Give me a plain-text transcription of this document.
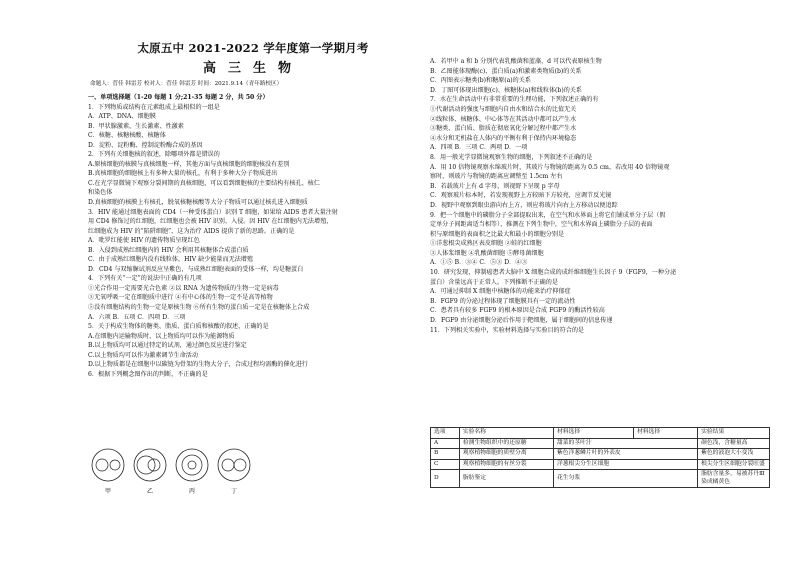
太原五中 2021-2022 学年度第一学期月考
高三生物
命题人：菅佳 韩雷芳 校对人：菅佳 韩雷芳 时间：2021.9.14（青年路校区）
一、单项选择题（1-20 每题 1 分;21-35 每题 2 分，共 50 分）
1．下列物质或结构在元素组成上最相似的一组是
A．ATP、DNA、细胞膜
B．甲状腺激素、生长激素、性激素
C．核糖、核糖核酸、核糖体
D．淀粉、淀粉酶、控制淀粉酶合成的基因
2．下列有关细胞核的叙述，除哪项外都是错误的
A.原核细胞的核膜与真核细胞一样，其他方面与真核细胞的细胞核没有差别
B.真核细胞的细胞核上有多种大量的核孔，有利于多种大分子物质进出
C.在光学显微镜下观察分裂间期的真核细胞，可以看到细胞核的主要结构有核孔、核仁
和染色体
D.真核细胞的核膜上有核孔，脱氧核糖核酸等大分子物质可以通过核孔进入细胞质
3．HIV 能通过细胞表面的 CD4（一种受体蛋白）识别 T 细胞，如果给 AIDS 患者大量注射
用 CD4 修饰过的红细胞，红细胞也会被 HIV 识别、入侵。因 HIV 在红细胞内无法增殖，
红细胞成为 HIV 的“陷阱细胞”，这为治疗 AIDS 提供了新的思路。正确的是
A．吡罗红能使 HIV 的遗传物质呈现红色
B．入侵到成熟红细胞内的 HIV 会利用其核糖体合成蛋白质
C．由于成熟红细胞内没有线粒体，HIV 缺少能量而无法增殖
D．CD4 与双缩脲试剂反应呈紫色，与成熟红细胞表面的受体一样，均是糖蛋白
4．下列有关“一定”的说法中正确的有几项
①光合作用一定需要光合色素 ②以 RNA 为遗传物质的生物一定是病毒
③无氧呼吸一定在细胞质中进行 ④有中心体的生物一定不是高等植物
⑤没有细胞结构的生物一定是原核生物 ⑥所有生物的蛋白质一定是在核糖体上合成
A．六项 B．五项 C．四项 D．三项
5．关于构成生物体的糖类、脂质、蛋白质和核酸的叙述，正确的是
A.在细胞内运输物质时，以上物质均可以作为能源物质
B.以上物质均可以通过特定的试剂，通过颜色反应进行鉴定
C.以上物质均可以作为激素调节生命活动
D.以上物质都是在细胞中以碳链为骨架的生物大分子，合成过程均需酶的催化进行
6．根据下列概念图作出的判断，不正确的是
甲	乙	丙	丁
A．若甲中 a 和 b 分别代表乳酸菌和蓝藻，d 可以代表原核生物
B．乙图能体现酶(c)、蛋白质(a)和激素类物质(b)的关系
C．丙图表示糖类(b)和糖原(a)的关系
D．丁图可体现出细胞(c)、核糖体(a)和线粒体(b)的关系
7．水在生命活动中有非常重要的生理功能，下列叙述正确的有
①代谢活动的强度与细胞内自由水和结合水的比值无关
②线粒体、核糖体、中心体等在其活动中都可以产生水
③糖类、蛋白质、脂质在彻底氧化分解过程中都产生水
④水分和无机盐在人体内的平衡有利于保持内环境稳态
A．四项 B．三项 C．两项 D．一项
8．用一般光学显微镜观察生物的细胞，下列叙述不正确的是
A．用 10 倍物镜观察水绵玻片时，其玻片与物镜的距离为 0.5 cm，若改用 40 倍物镜观
察时，则玻片与物镜的距离应调整至 1.5cm 左右
B．若载玻片上有 d 字母，则视野下呈现 p 字母
C．观察玻片标本时，若发现视野上方较暗下方较亮，应调节反光镜
D．视野中观察到眼虫游向右上方，则应将玻片向右上方移动以便追踪
9．把一个细胞中的磷脂分子全部提取出来，在空气和水界面上将它们铺成单分子层（假
定单分子间距离适当相等），推测在下列生物中，空气和水界面上磷脂分子层的表面
积与原细胞的表面积之比最大和最小的细胞分别是
①洋葱根尖成熟区表皮细胞 ②蛙的红细胞
③人体浆细胞 ④乳酸菌细胞 ⑤酵母菌细胞
A．①⑤ B．③④ C．⑤③ D．④③
10．研究发现，抑制癌患者大脑中 X 细胞合成的成纤维细胞生长因子 9（FGF9，一种分泌
蛋白）含量远高于正常人。下列推断不正确的是
A．可通过抑制 X 细胞中核糖体的功能来治疗抑郁症
B．FGF9 的分泌过程体现了细胞膜具有一定的流动性
C．患者具有较多 FGF9 的根本原因是合成 FGF9 的酶活性较高
D．FGF9 由分泌细胞分泌后作用于靶细胞，属于细胞间的信息传递
11．下列相关实验中，实验材料选择与实验目的符合的是
选项	实验名称	材料选择	材料选择	实验结果
A	检测生物组织中的还原糖	甜菜的茎叶汁		颜色浅，含糖量高
B	观察植物细胞的质壁分离	紫色洋葱鳞片叶的外表皮		紫色的液泡大小变浅
C	观察植物细胞的有丝分裂	洋葱根尖分生区细胞		根尖分生区细胞分裂旺盛
D	脂肪鉴定	花生匀浆		脂肪含量多，易被苏丹Ⅲ染成橘黄色
